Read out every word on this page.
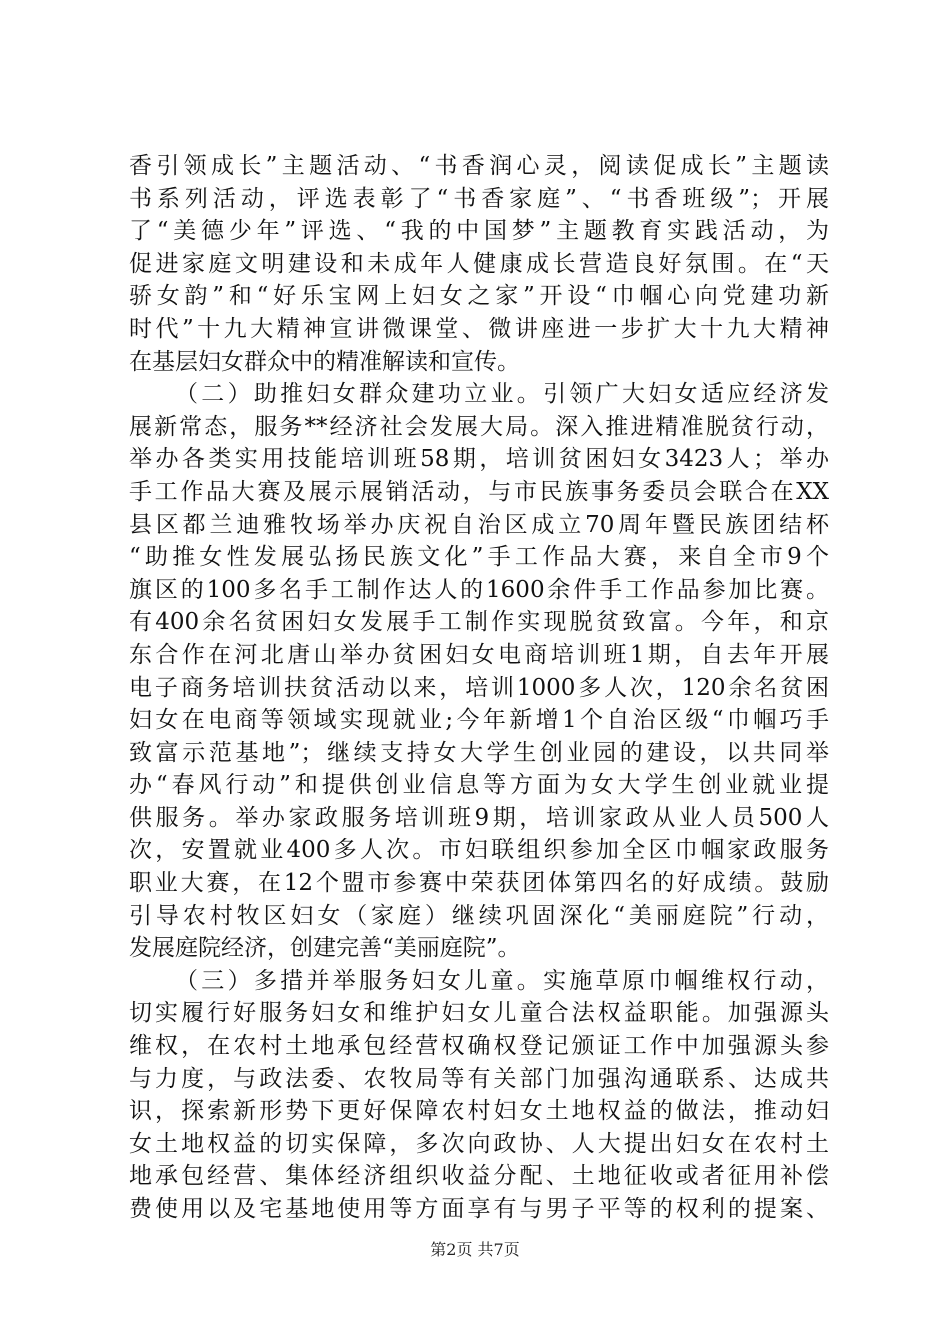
香引领成长”主题活动、“书香润心灵，阅读促成长”主题读
书系列活动，评选表彰了“书香家庭”、“书香班级”；开展
了“美德少年”评选、“我的中国梦”主题教育实践活动，为
促进家庭文明建设和未成年人健康成长营造良好氛围。在“天
骄女韵”和“好乐宝网上妇女之家”开设“巾帼心向党建功新
时代”十九大精神宣讲微课堂、微讲座进一步扩大十九大精神
在基层妇女群众中的精准解读和宣传。
（二）助推妇女群众建功立业。引领广大妇女适应经济发
展新常态，服务**经济社会发展大局。深入推进精准脱贫行动，
举办各类实用技能培训班58期，培训贫困妇女3423人；举办
手工作品大赛及展示展销活动，与市民族事务委员会联合在XX
县区都兰迪雅牧场举办庆祝自治区成立70周年暨民族团结杯
“助推女性发展弘扬民族文化”手工作品大赛，来自全市9个
旗区的100多名手工制作达人的1600余件手工作品参加比赛。
有400余名贫困妇女发展手工制作实现脱贫致富。今年，和京
东合作在河北唐山举办贫困妇女电商培训班1期，自去年开展
电子商务培训扶贫活动以来，培训1000多人次，120余名贫困
妇女在电商等领域实现就业;今年新增1个自治区级“巾帼巧手
致富示范基地”；继续支持女大学生创业园的建设，以共同举
办“春风行动”和提供创业信息等方面为女大学生创业就业提
供服务。举办家政服务培训班9期，培训家政从业人员500人
次，安置就业400多人次。市妇联组织参加全区巾帼家政服务
职业大赛，在12个盟市参赛中荣获团体第四名的好成绩。鼓励
引导农村牧区妇女（家庭）继续巩固深化“美丽庭院”行动，
发展庭院经济，创建完善“美丽庭院”。
（三）多措并举服务妇女儿童。实施草原巾帼维权行动，
切实履行好服务妇女和维护妇女儿童合法权益职能。加强源头
维权，在农村土地承包经营权确权登记颁证工作中加强源头参
与力度，与政法委、农牧局等有关部门加强沟通联系、达成共
识，探索新形势下更好保障农村妇女土地权益的做法，推动妇
女土地权益的切实保障，多次向政协、人大提出妇女在农村土
地承包经营、集体经济组织收益分配、土地征收或者征用补偿
费使用以及宅基地使用等方面享有与男子平等的权利的提案、
第2页 共7页
